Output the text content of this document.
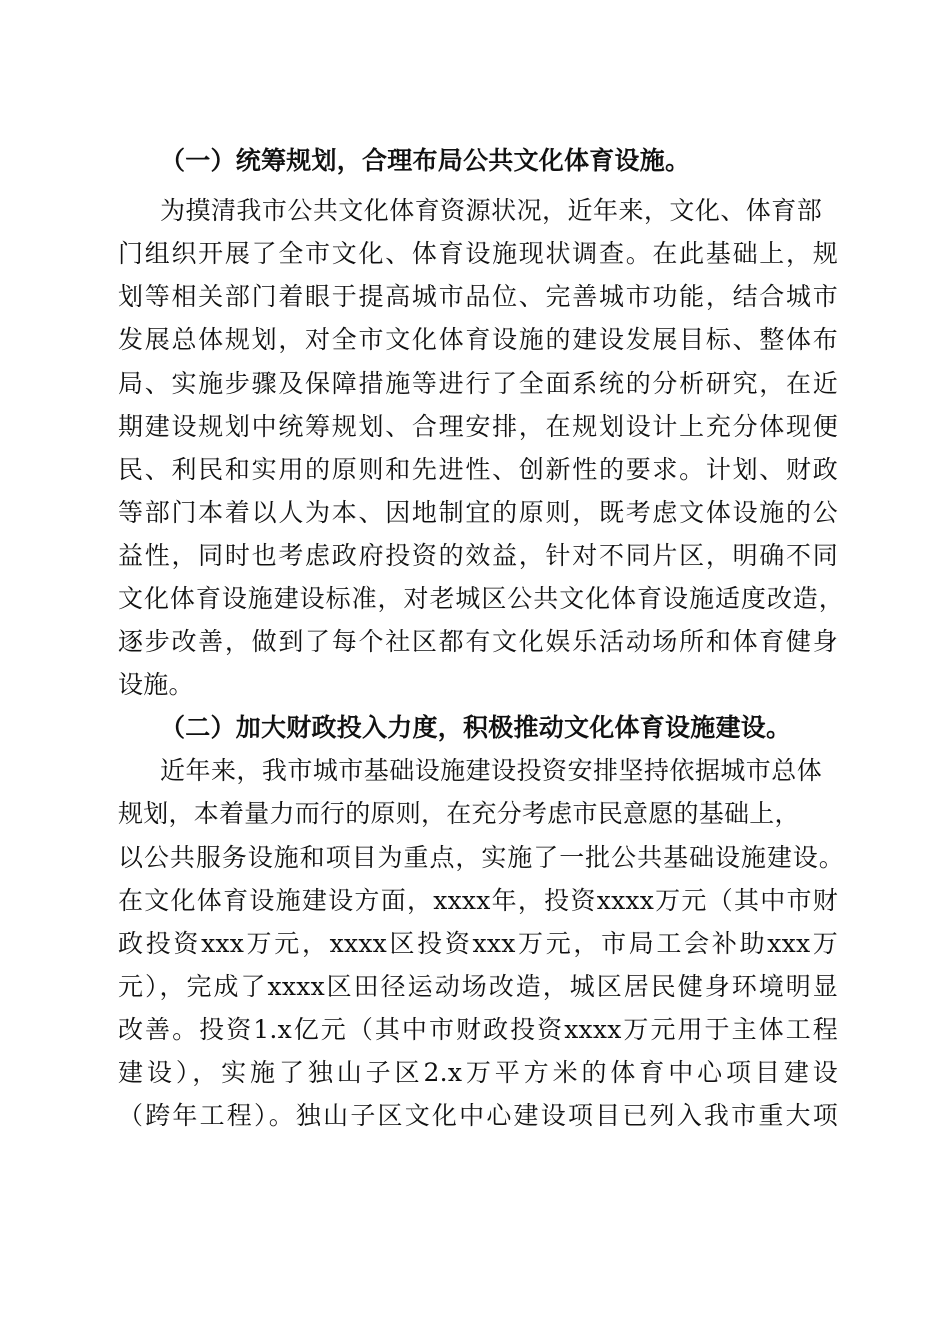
（一）统筹规划，合理布局公共文化体育设施。
为摸清我市公共文化体育资源状况，近年来，文化、体育部
门组织开展了全市文化、体育设施现状调查。在此基础上，规
划等相关部门着眼于提高城市品位、完善城市功能，结合城市
发展总体规划，对全市文化体育设施的建设发展目标、整体布
局、实施步骤及保障措施等进行了全面系统的分析研究，在近
期建设规划中统筹规划、合理安排，在规划设计上充分体现便
民、利民和实用的原则和先进性、创新性的要求。计划、财政
等部门本着以人为本、因地制宜的原则，既考虑文体设施的公
益性，同时也考虑政府投资的效益，针对不同片区，明确不同
文化体育设施建设标准，对老城区公共文化体育设施适度改造，
逐步改善，做到了每个社区都有文化娱乐活动场所和体育健身
设施。
（二）加大财政投入力度，积极推动文化体育设施建设。
近年来，我市城市基础设施建设投资安排坚持依据城市总体
规划，本着量力而行的原则，在充分考虑市民意愿的基础上，
以公共服务设施和项目为重点，实施了一批公共基础设施建设。
在文化体育设施建设方面，xxxx年，投资xxxx万元（其中市财
政投资xxx万元，xxxx区投资xxx万元，市局工会补助xxx万
元），完成了xxxx区田径运动场改造，城区居民健身环境明显
改善。投资1.x亿元（其中市财政投资xxxx万元用于主体工程
建设），实施了独山子区2.x万平方米的体育中心项目建设
（跨年工程）。独山子区文化中心建设项目已列入我市重大项
